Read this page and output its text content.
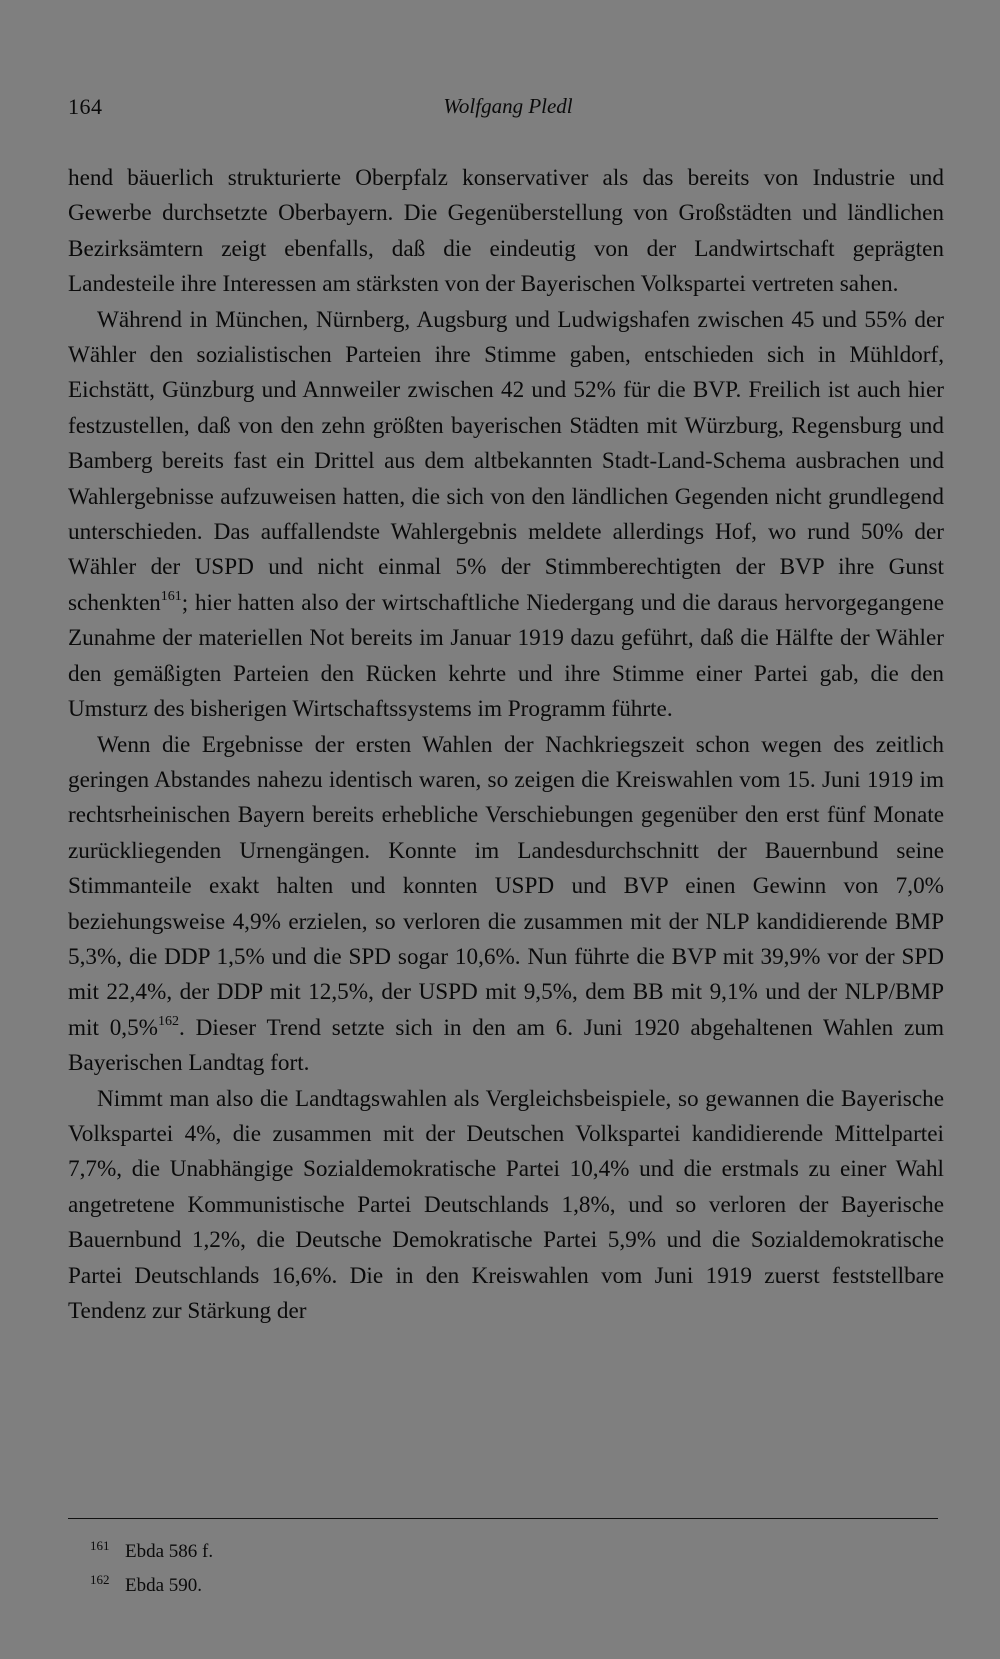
164	Wolfgang Pledl

hend bäuerlich strukturierte Oberpfalz konservativer als das bereits von Industrie und Gewerbe durchsetzte Oberbayern. Die Gegenüberstellung von Großstädten und ländlichen Bezirksämtern zeigt ebenfalls, daß die eindeutig von der Landwirtschaft geprägten Landesteile ihre Interessen am stärksten von der Bayerischen Volkspartei vertreten sahen.

Während in München, Nürnberg, Augsburg und Ludwigshafen zwischen 45 und 55% der Wähler den sozialistischen Parteien ihre Stimme gaben, entschieden sich in Mühldorf, Eichstätt, Günzburg und Annweiler zwischen 42 und 52% für die BVP. Freilich ist auch hier festzustellen, daß von den zehn größten bayerischen Städten mit Würzburg, Regensburg und Bamberg bereits fast ein Drittel aus dem altbekannten Stadt-Land-Schema ausbrachen und Wahlergebnisse aufzuweisen hatten, die sich von den ländlichen Gegenden nicht grundlegend unterschieden. Das auffallendste Wahlergebnis meldete allerdings Hof, wo rund 50% der Wähler der USPD und nicht einmal 5% der Stimmberechtigten der BVP ihre Gunst schenkten$^{161}$; hier hatten also der wirtschaftliche Niedergang und die daraus hervorgegangene Zunahme der materiellen Not bereits im Januar 1919 dazu geführt, daß die Hälfte der Wähler den gemäßigten Parteien den Rücken kehrte und ihre Stimme einer Partei gab, die den Umsturz des bisherigen Wirtschaftssystems im Programm führte.

Wenn die Ergebnisse der ersten Wahlen der Nachkriegszeit schon wegen des zeitlich geringen Abstandes nahezu identisch waren, so zeigen die Kreiswahlen vom 15. Juni 1919 im rechtsrheinischen Bayern bereits erhebliche Verschiebungen gegenüber den erst fünf Monate zurückliegenden Urnengängen. Konnte im Landesdurchschnitt der Bauernbund seine Stimmanteile exakt halten und konnten USPD und BVP einen Gewinn von 7,0% beziehungsweise 4,9% erzielen, so verloren die zusammen mit der NLP kandidierende BMP 5,3%, die DDP 1,5% und die SPD sogar 10,6%. Nun führte die BVP mit 39,9% vor der SPD mit 22,4%, der DDP mit 12,5%, der USPD mit 9,5%, dem BB mit 9,1% und der NLP/BMP mit 0,5%$^{162}$. Dieser Trend setzte sich in den am 6. Juni 1920 abgehaltenen Wahlen zum Bayerischen Landtag fort.

Nimmt man also die Landtagswahlen als Vergleichsbeispiele, so gewannen die Bayerische Volkspartei 4%, die zusammen mit der Deutschen Volkspartei kandidierende Mittelpartei 7,7%, die Unabhängige Sozialdemokratische Partei 10,4% und die erstmals zu einer Wahl angetretene Kommunistische Partei Deutschlands 1,8%, und so verloren der Bayerische Bauernbund 1,2%, die Deutsche Demokratische Partei 5,9% und die Sozialdemokratische Partei Deutschlands 16,6%. Die in den Kreiswahlen vom Juni 1919 zuerst feststellbare Tendenz zur Stärkung der

161 Ebda 586 f.
162 Ebda 590.
